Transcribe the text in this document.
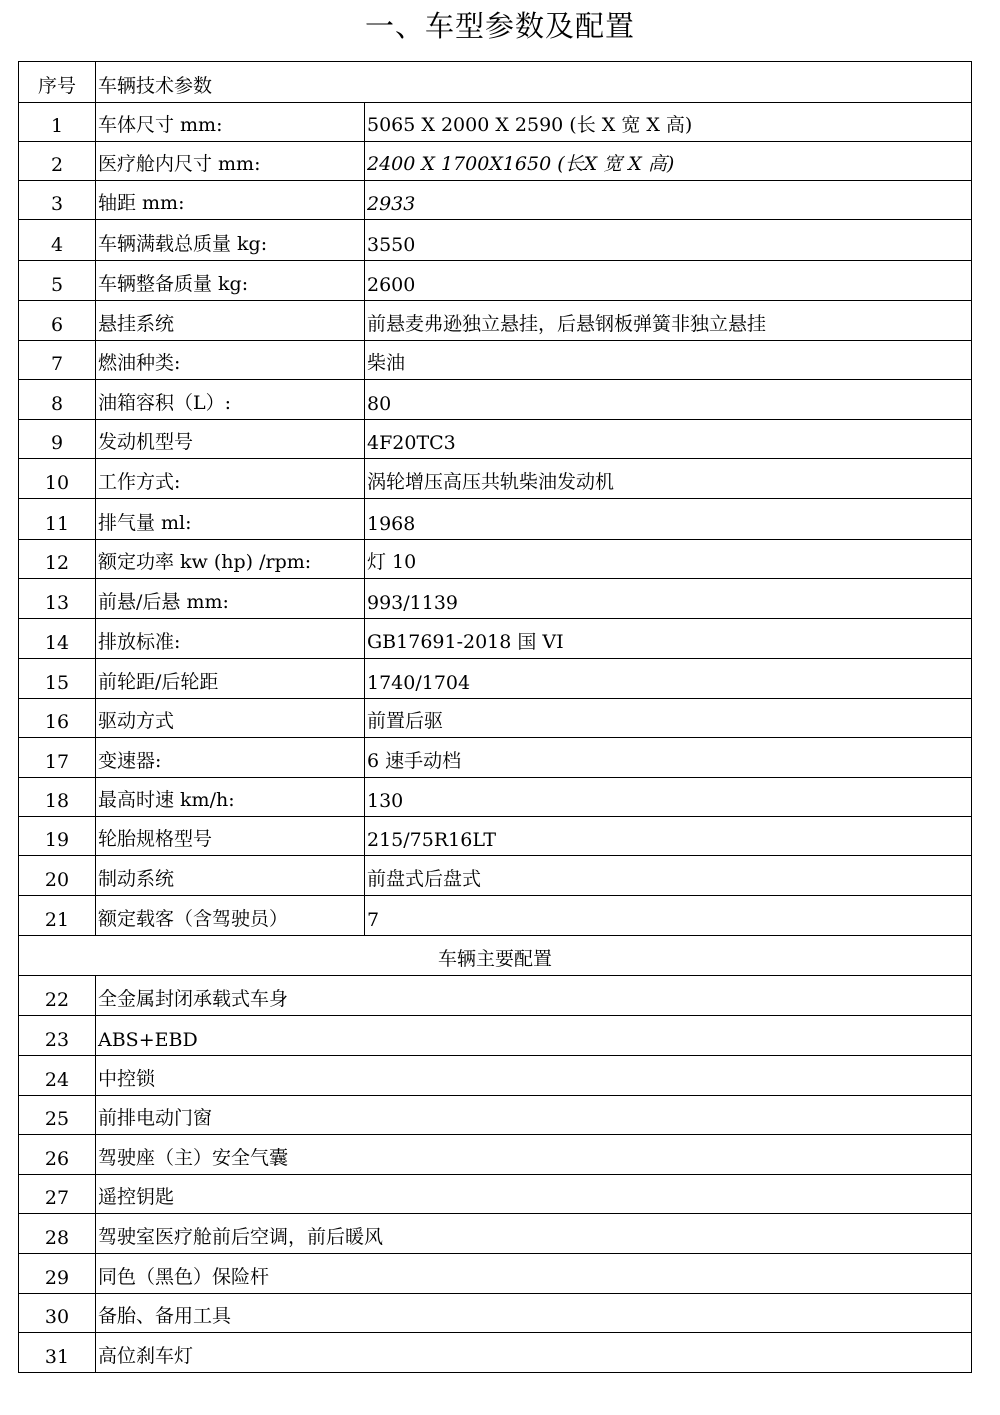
一、车型参数及配置
序号	车辆技术参数	
1	车体尺寸 mm:	5065 X 2000 X 2590 (长 X 宽 X 高)
2	医疗舱内尺寸 mm:	2400 X 1700X1650 (长X 宽 X 高)
3	轴距 mm:	2933
4	车辆满载总质量 kg:	3550
5	车辆整备质量 kg:	2600
6	悬挂系统	前悬麦弗逊独立悬挂，后悬钢板弹簧非独立悬挂
7	燃油种类:	柴油
8	油箱容积（L）:	80
9	发动机型号	4F20TC3
10	工作方式:	涡轮增压高压共轨柴油发动机
11	排气量 ml:	1968
12	额定功率 kw (hp) /rpm:	灯 10
13	前悬/后悬 mm:	993/1139
14	排放标准:	GB17691-2018 国 VI
15	前轮距/后轮距	1740/1704
16	驱动方式	前置后驱
17	变速器:	6 速手动档
18	最高时速 km/h:	130
19	轮胎规格型号	215/75R16LT
20	制动系统	前盘式后盘式
21	额定载客（含驾驶员）	7
车辆主要配置		
22	全金属封闭承载式车身	
23	ABS+EBD	
24	中控锁	
25	前排电动门窗	
26	驾驶座（主）安全气囊	
27	遥控钥匙	
28	驾驶室医疗舱前后空调，前后暖风	
29	同色（黑色）保险杆	
30	备胎、备用工具	
31	高位刹车灯	
